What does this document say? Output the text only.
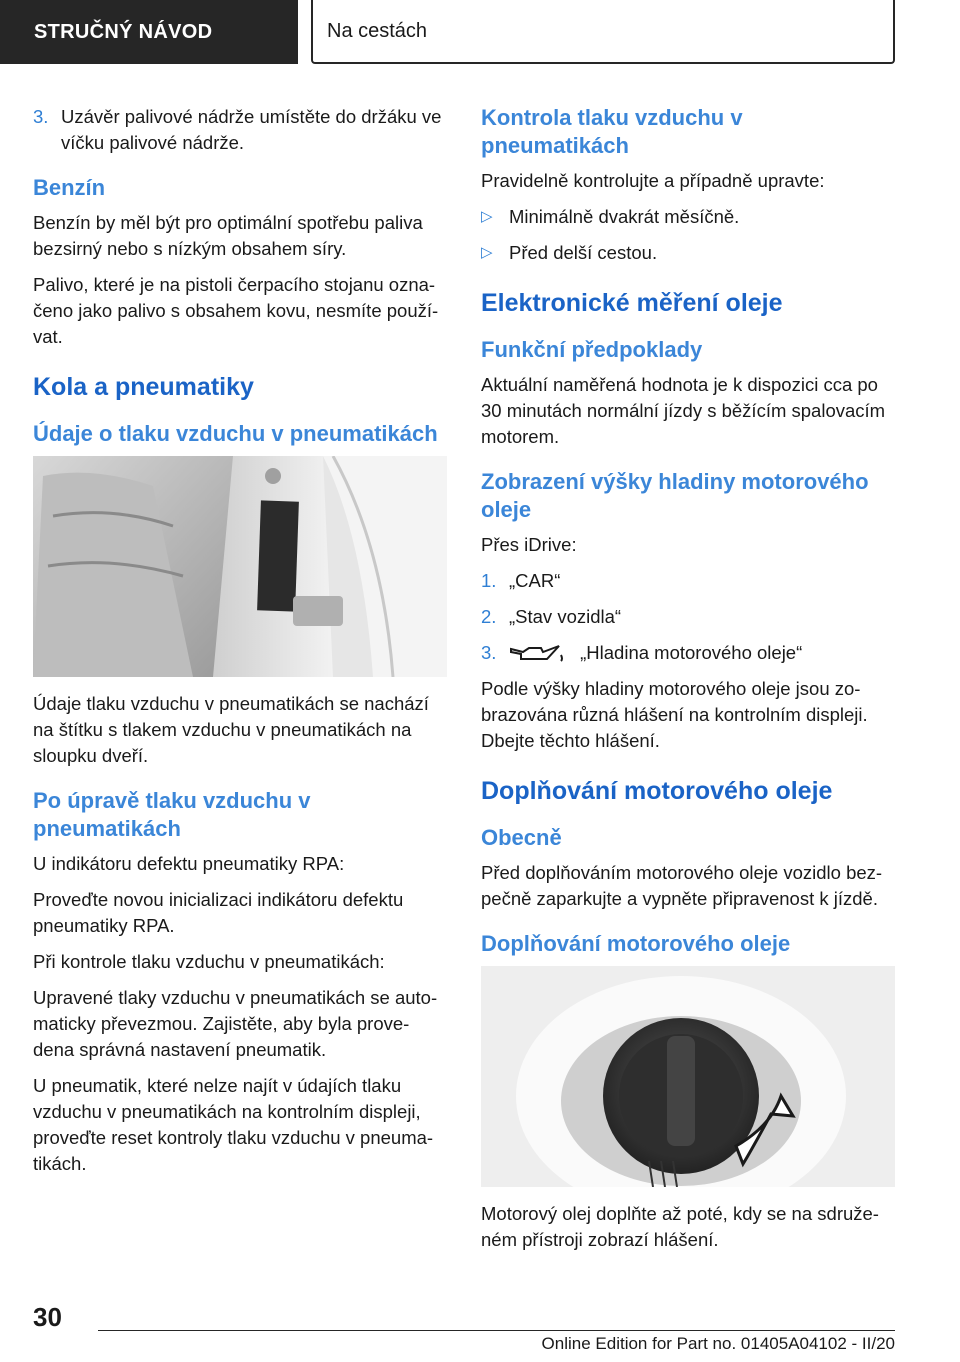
STRUČNÝ NÁVOD	Na cestách
3. Uzávěr palivové nádrže umístěte do držáku ve víčku palivové nádrže.
Benzín

Benzín by měl být pro optimální spotřebu paliva bezsirný nebo s nízkým obsahem síry.

Palivo, které je na pistoli čerpacího stojanu ozna‐čeno jako palivo s obsahem kovu, nesmíte použí‐vat.

Kola a pneumatiky
Údaje o tlaku vzduchu v pneumatikách

Údaje tlaku vzduchu v pneumatikách se nachází na štítku s tlakem vzduchu v pneumatikách na sloupku dveří.

Po úpravě tlaku vzduchu v pneumatikách

U indikátoru defektu pneumatiky RPA:

Proveďte novou inicializaci indikátoru defektu pneumatiky RPA.

Při kontrole tlaku vzduchu v pneumatikách:

Upravené tlaky vzduchu v pneumatikách se auto‐maticky převezmou. Zajistěte, aby byla prove‐dena správná nastavení pneumatik.

U pneumatik, které nelze najít v údajích tlaku vzduchu v pneumatikách na kontrolním displeji, proveďte reset kontroly tlaku vzduchu v pneuma‐tikách.

Kontrola tlaku vzduchu v pneumatikách

Pravidelně kontrolujte a případně upravte:

▷ Minimálně dvakrát měsíčně.
▷ Před delší cestou.
Elektronické měření oleje
Funkční předpoklady

Aktuální naměřená hodnota je k dispozici cca po 30 minutách normální jízdy s běžícím spalovacím motorem.

Zobrazení výšky hladiny motorového oleje

Přes iDrive:

1. „CAR“
2. „Stav vozidla“
3.	„Hladina motorového oleje“

Podle výšky hladiny motorového oleje jsou zo‐brazována různá hlášení na kontrolním displeji. Dbejte těchto hlášení.

Doplňování motorového oleje
Obecně

Před doplňováním motorového oleje vozidlo bez‐pečně zaparkujte a vypněte připravenost k jízdě.

Doplňování motorového oleje

Motorový olej doplňte až poté, kdy se na sdruže‐ném přístroji zobrazí hlášení.

30
Online Edition for Part no. 01405A04102 - II/20
